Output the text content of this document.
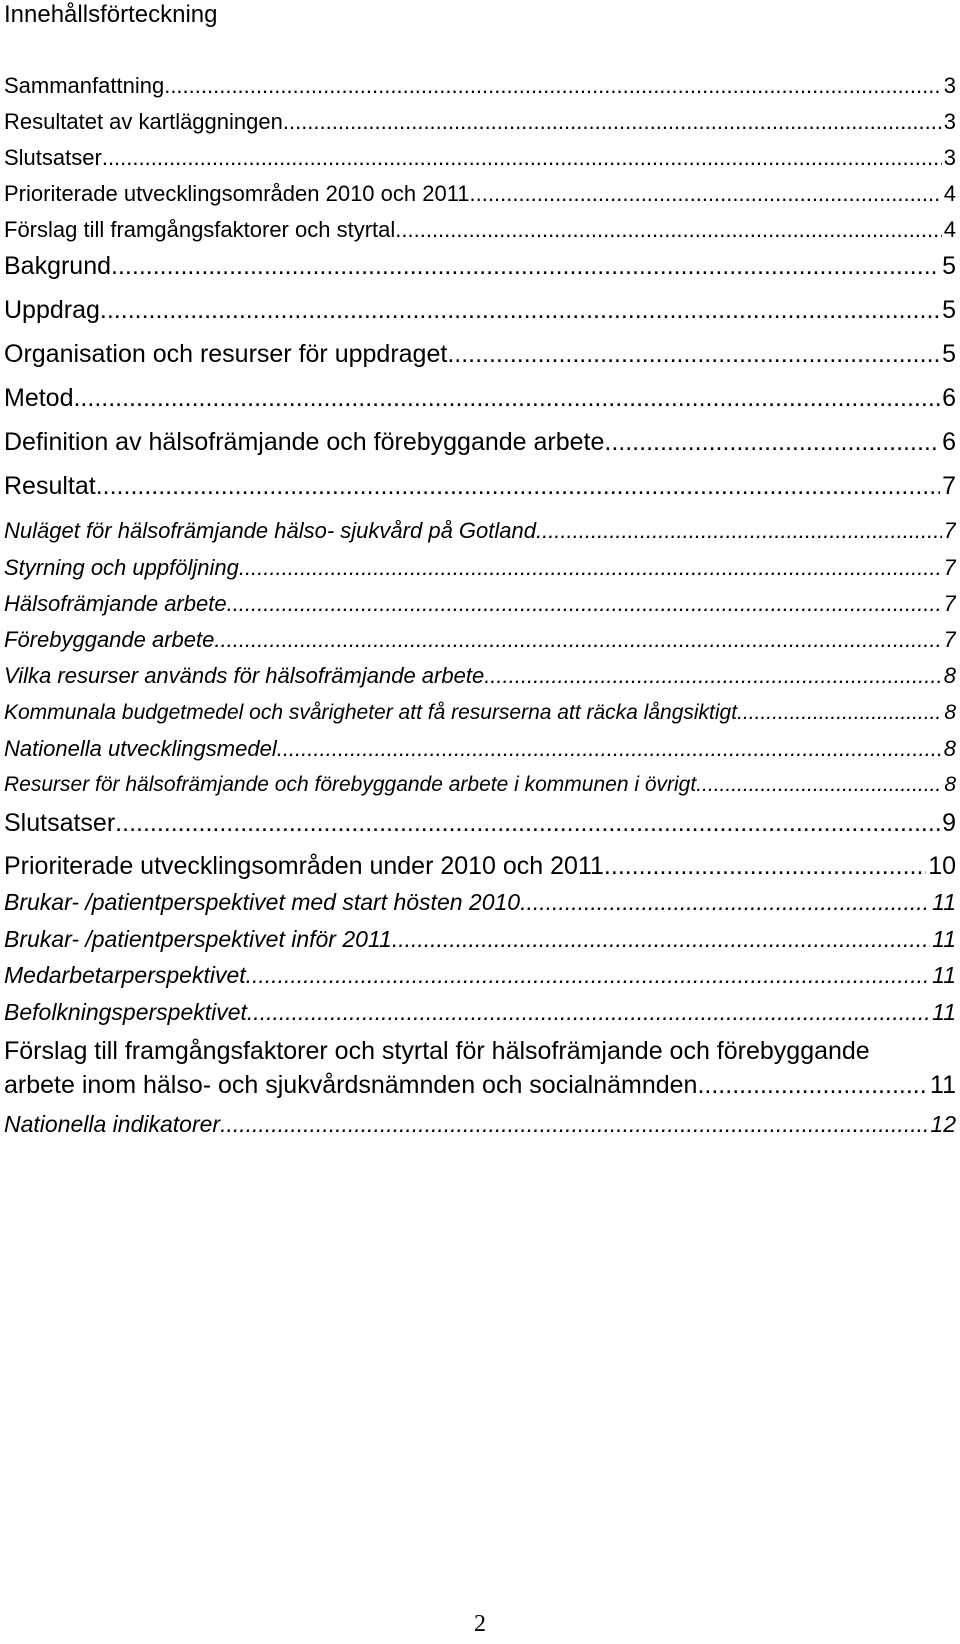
Innehållsförteckning
Sammanfattning .....	3
Resultatet av kartläggningen .....	3
Slutsatser .....	3
Prioriterade utvecklingsområden 2010 och 2011 .....	4
Förslag till framgångsfaktorer och styrtal .....	4
Bakgrund .....	5
Uppdrag .....	5
Organisation och resurser för uppdraget .....	5
Metod .....	6
Definition av hälsofrämjande och förebyggande arbete .....	6
Resultat .....	7
Nuläget för hälsofrämjande hälso- sjukvård på Gotland .....	7
Styrning och uppföljning .....	7
Hälsofrämjande arbete .....	7
Förebyggande arbete .....	7
Vilka resurser används för hälsofrämjande arbete .....	8
Kommunala budgetmedel och svårigheter att få resurserna att räcka långsiktigt .....	8
Nationella utvecklingsmedel .....	8
Resurser för hälsofrämjande och förebyggande arbete i kommunen i övrigt .....	8
Slutsatser .....	9
Prioriterade utvecklingsområden under 2010 och 2011 .....	10
Brukar- /patientperspektivet med start hösten 2010 .....	11
Brukar- /patientperspektivet inför 2011 .....	11
Medarbetarperspektivet .....	11
Befolkningsperspektivet .....	11
Förslag till framgångsfaktorer och styrtal för hälsofrämjande och förebyggande
arbete inom hälso- och sjukvårdsnämnden och socialnämnden .....	11
Nationella indikatorer .....	12
2
